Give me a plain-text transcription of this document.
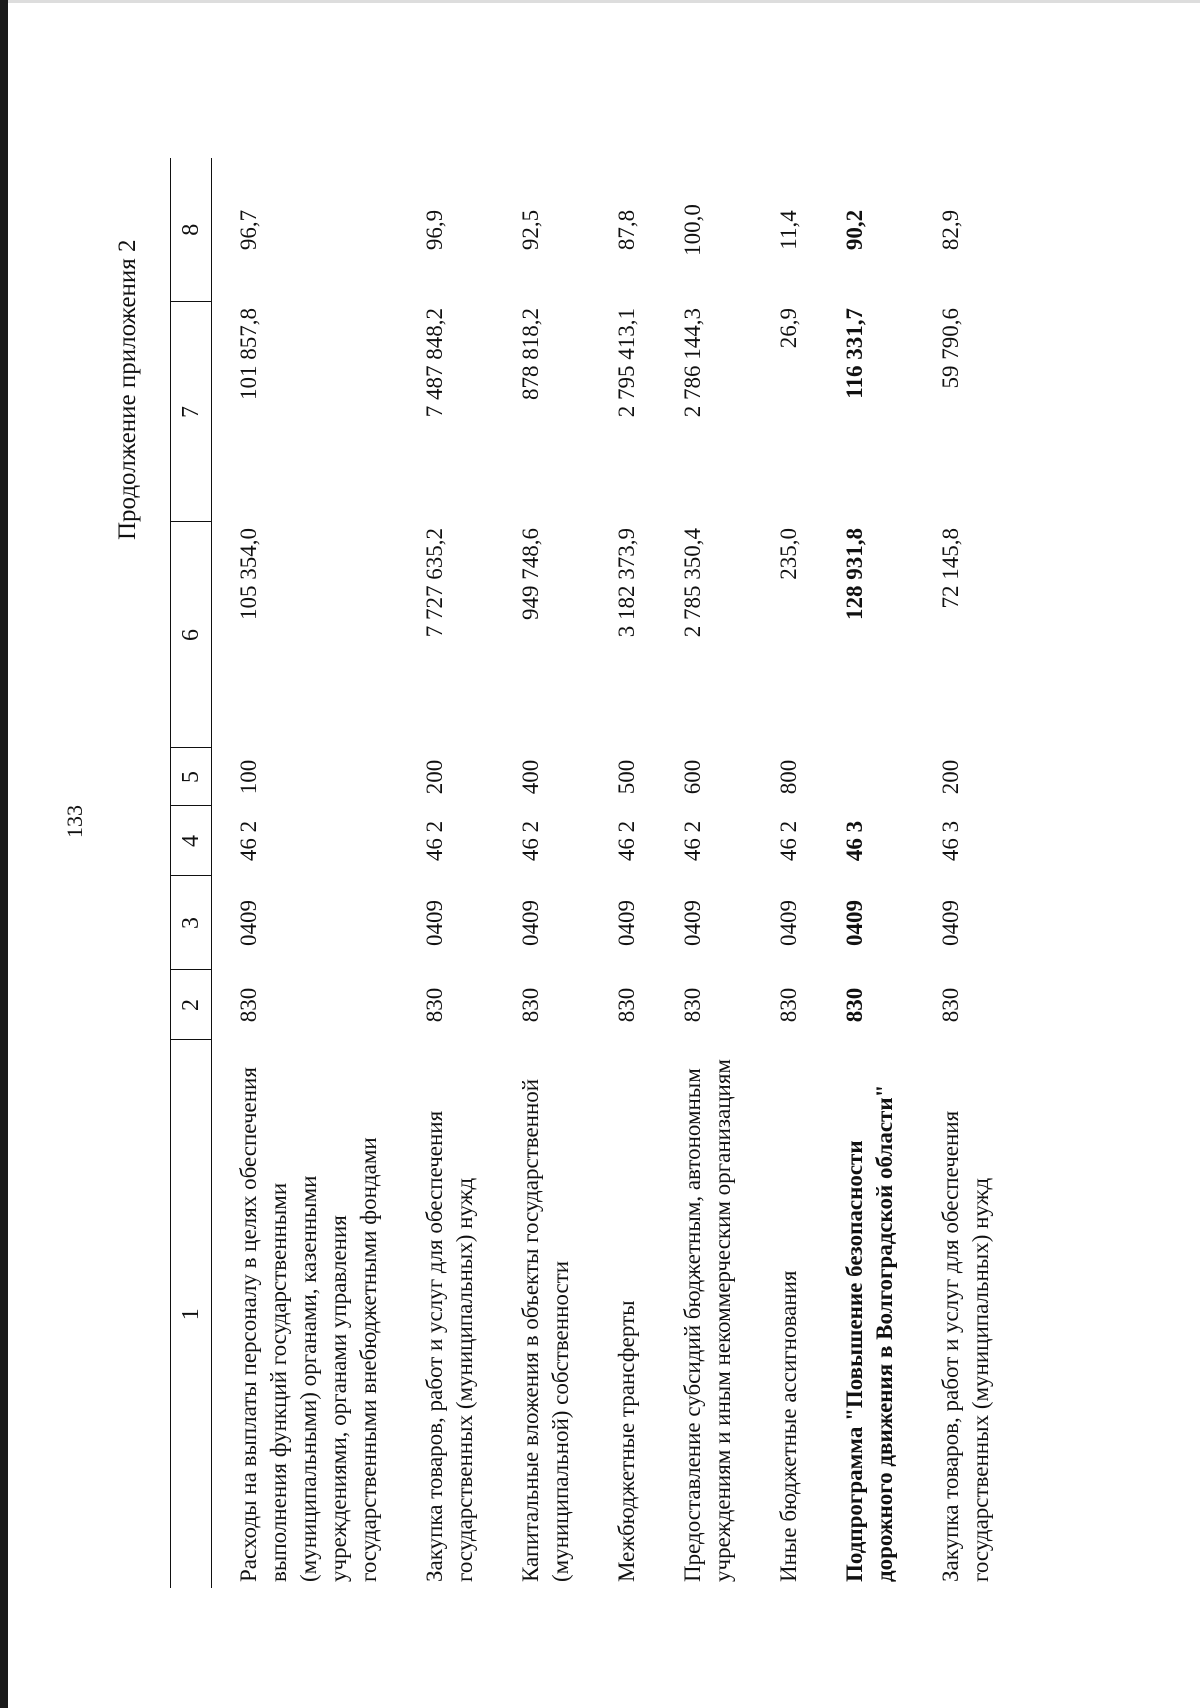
133
Продолжение приложения 2
1	2	3	4	5	6	7	8
Расходы на выплаты персоналу в целях обеспечения выполнения функций государственными (муниципальными) органами, казенными учреждениями, органами управления государственными внебюджетными фондами	830	0409	46 2	100	105 354,0	101 857,8	96,7
Закупка товаров, работ и услуг для обеспечения государственных (муниципальных) нужд	830	0409	46 2	200	7 727 635,2	7 487 848,2	96,9
Капитальные вложения в объекты государственной (муниципальной) собственности	830	0409	46 2	400	949 748,6	878 818,2	92,5
Межбюджетные трансферты	830	0409	46 2	500	3 182 373,9	2 795 413,1	87,8
Предоставление субсидий бюджетным, автономным учреждениям и иным некоммерческим организациям	830	0409	46 2	600	2 785 350,4	2 786 144,3	100,0
Иные бюджетные ассигнования	830	0409	46 2	800	235,0	26,9	11,4
Подпрограмма "Повышение безопасности дорожного движения в Волгоградской области"	830	0409	46 3		128 931,8	116 331,7	90,2
Закупка товаров, работ и услуг для обеспечения государственных (муниципальных) нужд	830	0409	46 3	200	72 145,8	59 790,6	82,9
